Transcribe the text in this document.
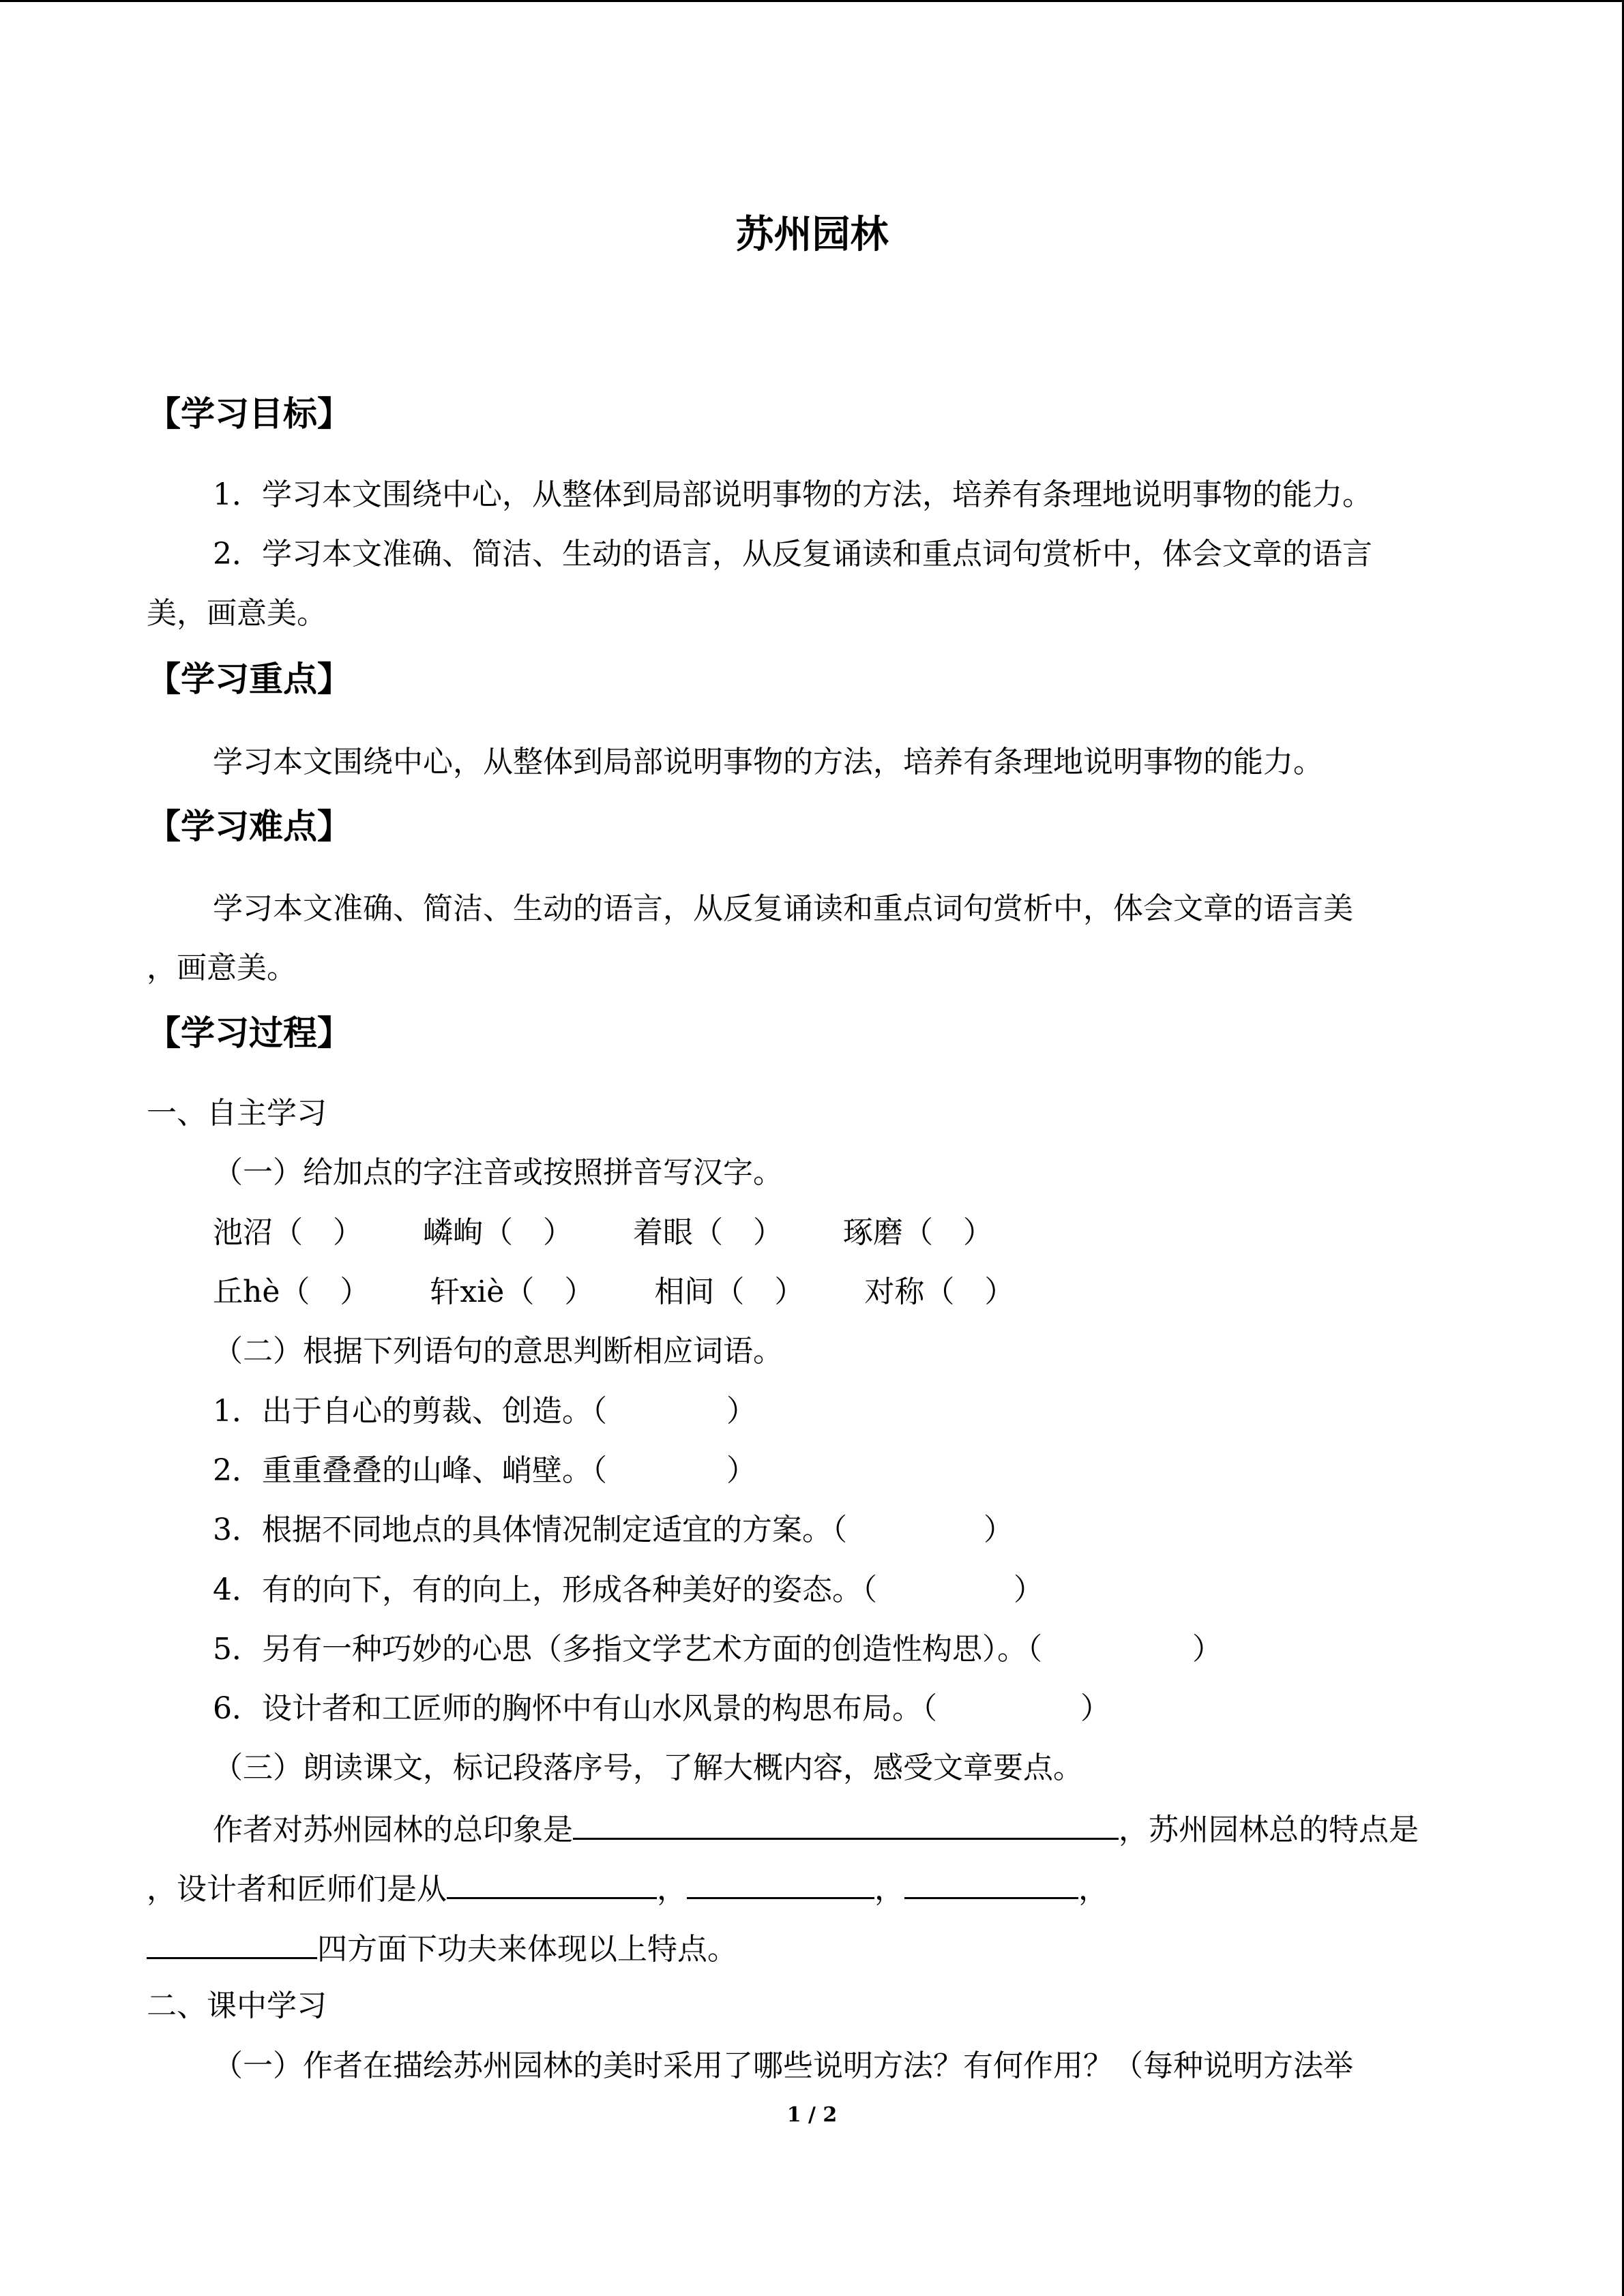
苏州园林
【学习目标】
1．学习本文围绕中心，从整体到局部说明事物的方法，培养有条理地说明事物的能力。
2．学习本文准确、简洁、生动的语言，从反复诵读和重点词句赏析中，体会文章的语言
美，画意美。
【学习重点】
学习本文围绕中心，从整体到局部说明事物的方法，培养有条理地说明事物的能力。
【学习难点】
学习本文准确、简洁、生动的语言，从反复诵读和重点词句赏析中，体会文章的语言美
，画意美。
【学习过程】
一、自主学习
（一）给加点的字注音或按照拼音写汉字。
池沼（　） 嶙峋（　） 着眼（　） 琢磨（　）
丘hè（　） 轩xiè（　） 相间（　） 对称（　）
（二）根据下列语句的意思判断相应词语。
1．出于自心的剪裁、创造。（	）
2．重重叠叠的山峰、峭壁。（	）
3．根据不同地点的具体情况制定适宜的方案。（	）
4．有的向下，有的向上，形成各种美好的姿态。（	）
5．另有一种巧妙的心思（多指文学艺术方面的创造性构思）。（	）
6．设计者和工匠师的胸怀中有山水风景的构思布局。（	）
（三）朗读课文，标记段落序号，了解大概内容，感受文章要点。
作者对苏州园林的总印象是	，苏州园林总的特点是
，设计者和匠师们是从	，	，	，
四方面下功夫来体现以上特点。
二、课中学习
（一）作者在描绘苏州园林的美时采用了哪些说明方法？有何作用？（每种说明方法举
1 / 2
